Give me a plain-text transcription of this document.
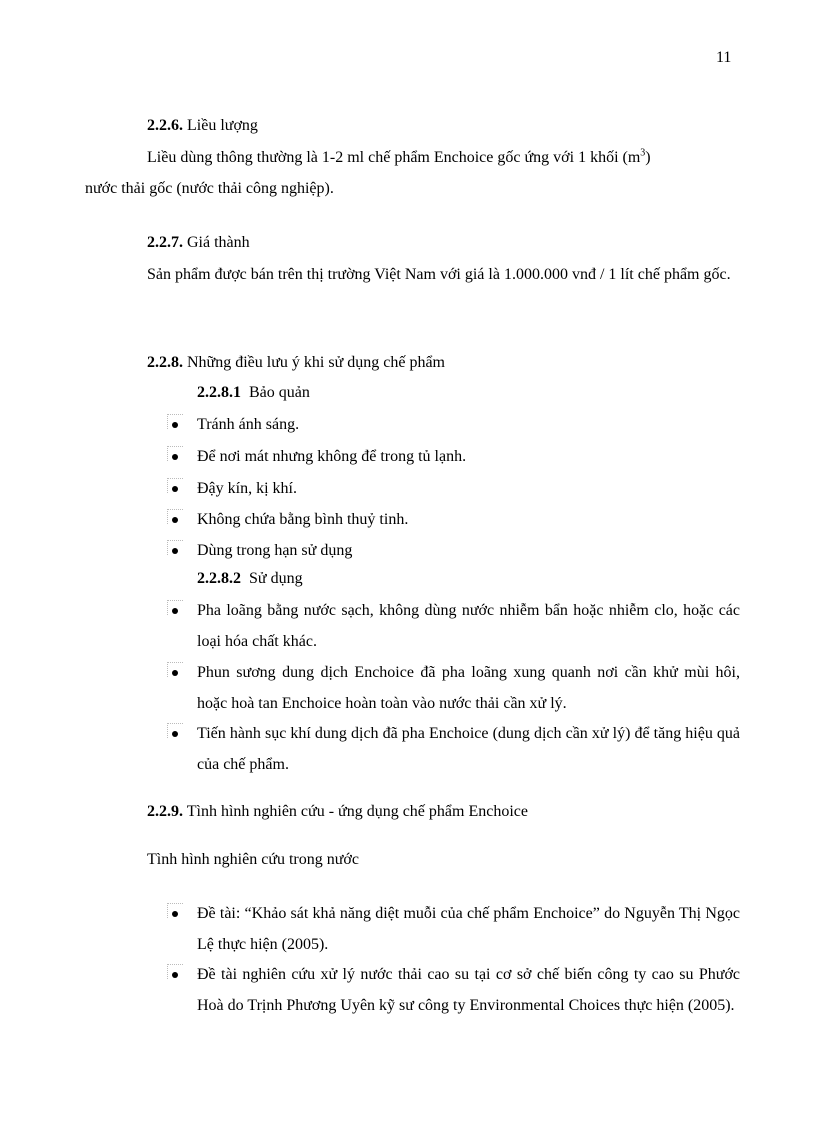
11
2.2.6. Liều lượng
Liều dùng thông thường là 1-2 ml chế phẩm Enchoice gốc ứng với 1 khối $(m^3)$
nước thải gốc (nước thải công nghiệp).
2.2.7. Giá thành
Sản phẩm được bán trên thị trường Việt Nam với giá là 1.000.000 vnđ / 1 lít chế phẩm gốc.
2.2.8. Những điều lưu ý khi sử dụng chế phẩm
2.2.8.1 Bảo quản
Tránh ánh sáng.
Để nơi mát nhưng không để trong tủ lạnh.
Đậy kín, kị khí.
Không chứa bằng bình thuỷ tinh.
Dùng trong hạn sử dụng
2.2.8.2 Sử dụng
Pha loãng bằng nước sạch, không dùng nước nhiễm bẩn hoặc nhiễm clo, hoặc các loại hóa chất khác.
Phun sương dung dịch Enchoice đã pha loãng xung quanh nơi cần khử mùi hôi, hoặc hoà tan Enchoice hoàn toàn vào nước thải cần xử lý.
Tiến hành sục khí dung dịch đã pha Enchoice (dung dịch cần xử lý) để tăng hiệu quả của chế phẩm.
2.2.9. Tình hình nghiên cứu - ứng dụng chế phẩm Enchoice
Tình hình nghiên cứu trong nước
Đề tài: “Khảo sát khả năng diệt muỗi của chế phẩm Enchoice” do Nguyễn Thị Ngọc Lệ thực hiện (2005).
Đề tài nghiên cứu xử lý nước thải cao su tại cơ sở chế biến công ty cao su Phước Hoà do Trịnh Phương Uyên kỹ sư công ty Environmental Choices thực hiện (2005).
